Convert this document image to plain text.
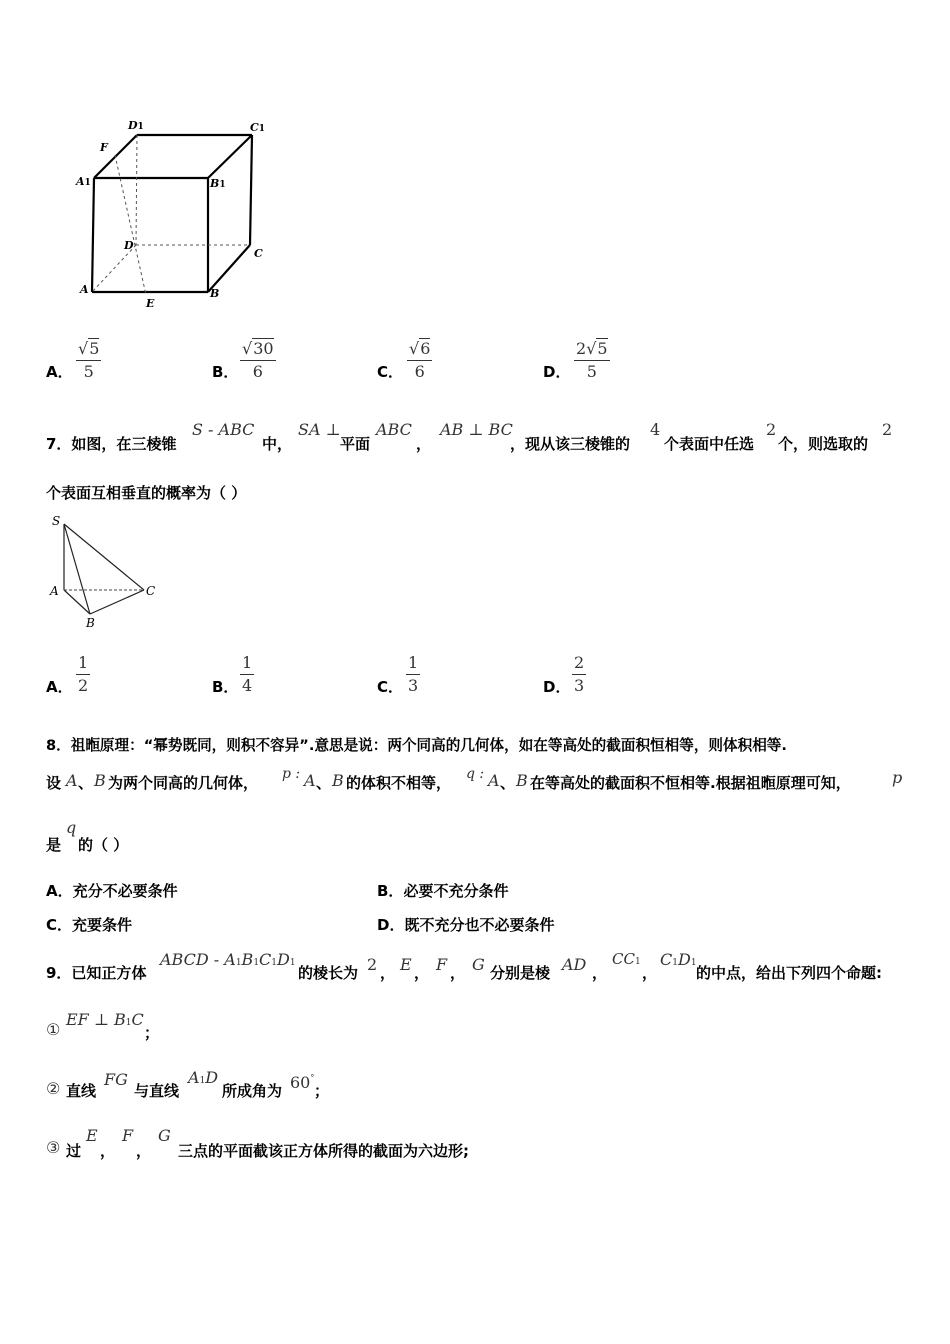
D1	C1
F
A1	B1
D
C
A	B
E
A． $\frac{√5}{5}$	B． $\frac{√30}{6}$	C． $\frac{√6}{6}$	D． $\frac{2√5}{5}$
7．如图，在三棱锥
S - ABC
中，
SA ⊥
平面
ABC
，
AB ⊥ BC
，现从该三棱锥的
4
个表面中任选
2
个，则选取的
2
个表面互相垂直的概率为（ ）
S
A
B
C
A． $\frac{1}{2}$	B． $\frac{1}{4}$	C． $\frac{1}{3}$	D． $\frac{2}{3}$
8．祖暅原理：“幂势既同，则积不容异”.意思是说：两个同高的几何体，如在等高处的截面积恒相等，则体积相等.
设 A 、 B 为两个同高的几何体， p : A 、 B 的体积不相等， q : A 、 B 在等高处的截面积不恒相等.根据祖暅原理可知，	p
是
q
的（ ）
A．充分不必要条件	B．必要不充分条件
C．充要条件	D．既不充分也不必要条件
9．已知正方体
ABCD - A1B1C1D1
的棱长为 2 ， E ， F ， G 分别是棱 AD ，
CC1
，
C1D1
的中点，给出下列四个命题:
①
EF ⊥ B1C
；
② 直线
FG
与直线
A1D
所成角为 60°
；
③ 过
E
，
F
，
G
三点的平面截该正方体所得的截面为六边形;
